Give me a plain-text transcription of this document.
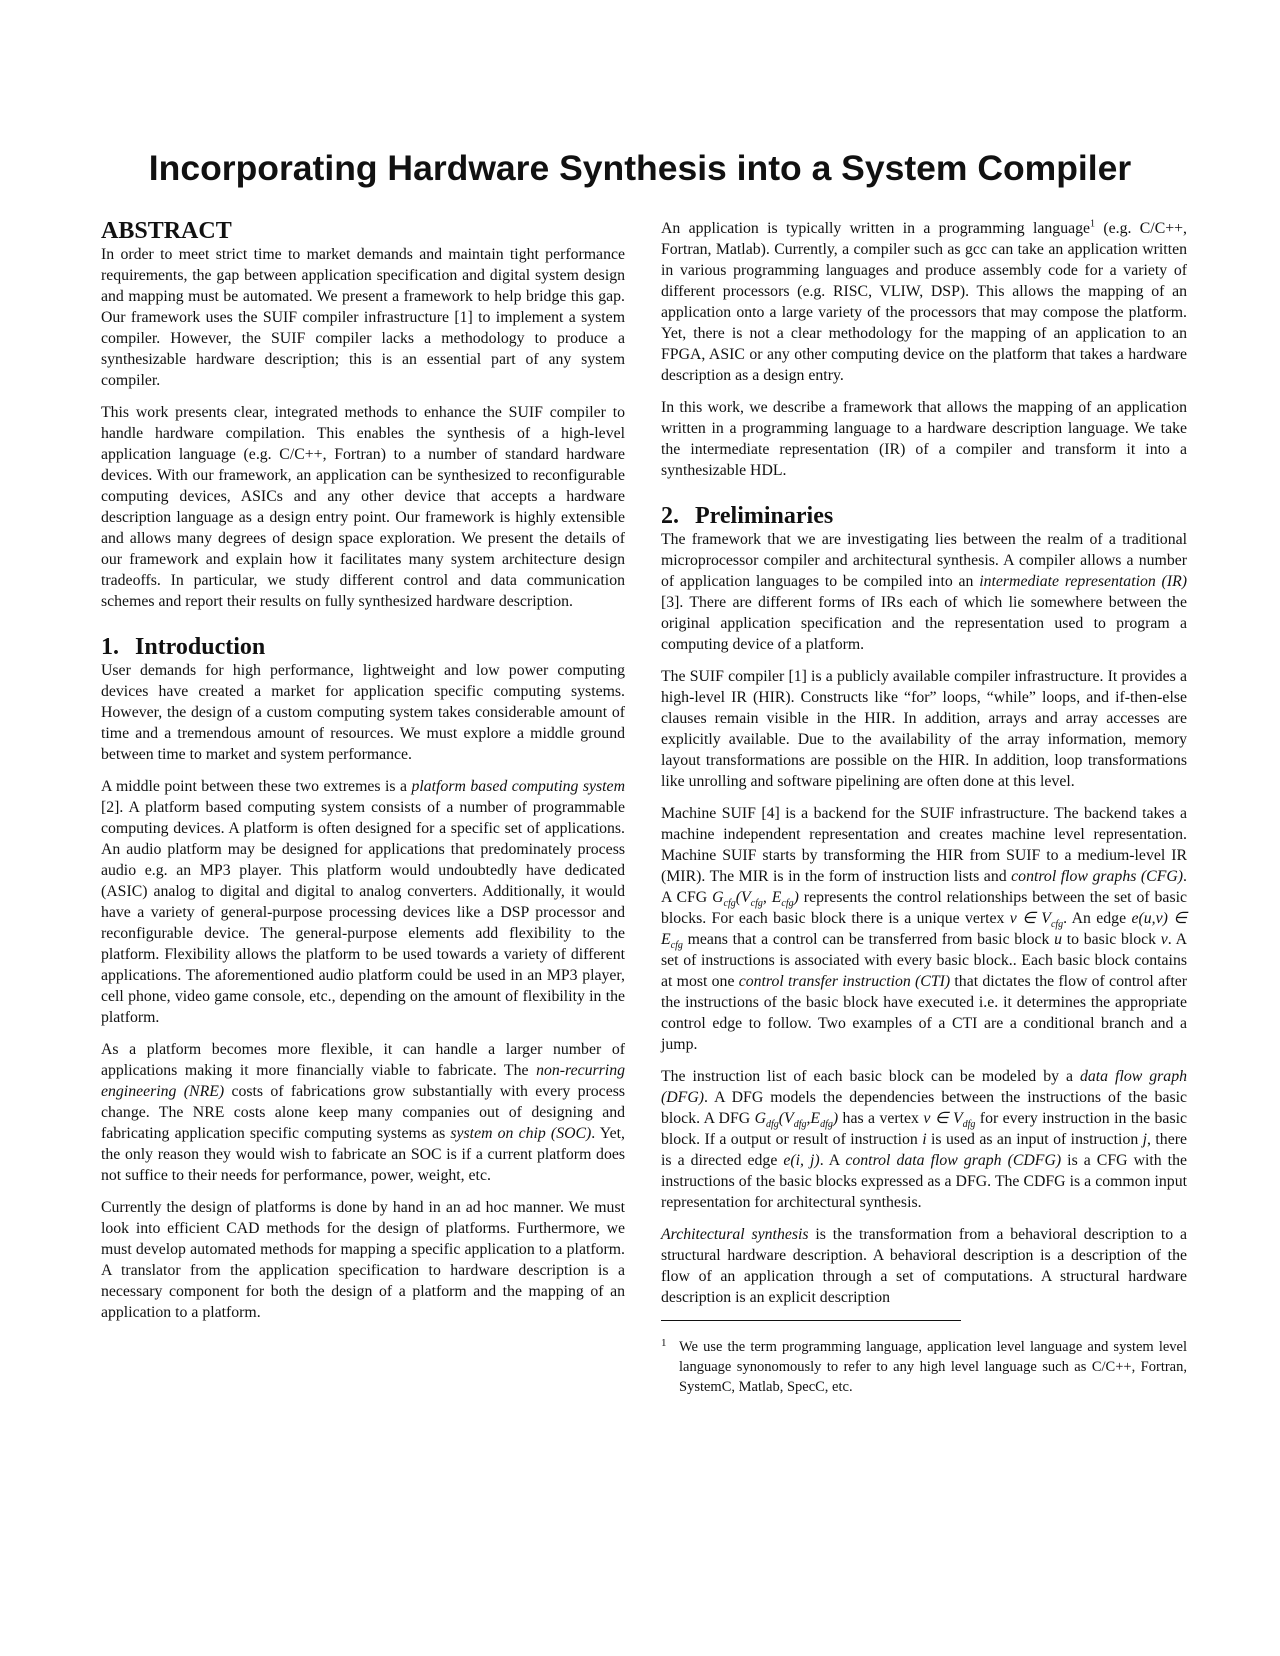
Incorporating Hardware Synthesis into a System Compiler
ABSTRACT

In order to meet strict time to market demands and maintain tight performance requirements, the gap between application specification and digital system design and mapping must be automated. We present a framework to help bridge this gap. Our framework uses the SUIF compiler infrastructure [1] to implement a system compiler. However, the SUIF compiler lacks a methodology to produce a synthesizable hardware description; this is an essential part of any system compiler.

This work presents clear, integrated methods to enhance the SUIF compiler to handle hardware compilation. This enables the synthesis of a high-level application language (e.g. C/C++, Fortran) to a number of standard hardware devices. With our framework, an application can be synthesized to reconfigurable computing devices, ASICs and any other device that accepts a hardware description language as a design entry point. Our framework is highly extensible and allows many degrees of design space exploration. We present the details of our framework and explain how it facilitates many system architecture design tradeoffs. In particular, we study different control and data communication schemes and report their results on fully synthesized hardware description.

1. Introduction

User demands for high performance, lightweight and low power computing devices have created a market for application specific computing systems. However, the design of a custom computing system takes considerable amount of time and a tremendous amount of resources. We must explore a middle ground between time to market and system performance.

A middle point between these two extremes is a platform based computing system [2]. A platform based computing system consists of a number of programmable computing devices. A platform is often designed for a specific set of applications. An audio platform may be designed for applications that predominately process audio e.g. an MP3 player. This platform would undoubtedly have dedicated (ASIC) analog to digital and digital to analog converters. Additionally, it would have a variety of general-purpose processing devices like a DSP processor and reconfigurable device. The general-purpose elements add flexibility to the platform. Flexibility allows the platform to be used towards a variety of different applications. The aforementioned audio platform could be used in an MP3 player, cell phone, video game console, etc., depending on the amount of flexibility in the platform.

As a platform becomes more flexible, it can handle a larger number of applications making it more financially viable to fabricate. The non-recurring engineering (NRE) costs of fabrications grow substantially with every process change. The NRE costs alone keep many companies out of designing and fabricating application specific computing systems as system on chip (SOC). Yet, the only reason they would wish to fabricate an SOC is if a current platform does not suffice to their needs for performance, power, weight, etc.

Currently the design of platforms is done by hand in an ad hoc manner. We must look into efficient CAD methods for the design of platforms. Furthermore, we must develop automated methods for mapping a specific application to a platform. A translator from the application specification to hardware description is a necessary component for both the design of a platform and the mapping of an application to a platform.

An application is typically written in a programming language$^1$ (e.g. C/C++, Fortran, Matlab). Currently, a compiler such as gcc can take an application written in various programming languages and produce assembly code for a variety of different processors (e.g. RISC, VLIW, DSP). This allows the mapping of an application onto a large variety of the processors that may compose the platform. Yet, there is not a clear methodology for the mapping of an application to an FPGA, ASIC or any other computing device on the platform that takes a hardware description as a design entry.

In this work, we describe a framework that allows the mapping of an application written in a programming language to a hardware description language. We take the intermediate representation (IR) of a compiler and transform it into a synthesizable HDL.

2. Preliminaries

The framework that we are investigating lies between the realm of a traditional microprocessor compiler and architectural synthesis. A compiler allows a number of application languages to be compiled into an intermediate representation (IR) [3]. There are different forms of IRs each of which lie somewhere between the original application specification and the representation used to program a computing device of a platform.

The SUIF compiler [1] is a publicly available compiler infrastructure. It provides a high-level IR (HIR). Constructs like “for” loops, “while” loops, and if-then-else clauses remain visible in the HIR. In addition, arrays and array accesses are explicitly available. Due to the availability of the array information, memory layout transformations are possible on the HIR. In addition, loop transformations like unrolling and software pipelining are often done at this level.

Machine SUIF [4] is a backend for the SUIF infrastructure. The backend takes a machine independent representation and creates machine level representation. Machine SUIF starts by transforming the HIR from SUIF to a medium-level IR (MIR). The MIR is in the form of instruction lists and control flow graphs (CFG). A CFG $G_{cfg}(V_{cfg}$, $E_{cfg}$) represents the control relationships between the set of basic blocks. For each basic block there is a unique vertex v ∈ $V_{cfg}$. An edge e(u,v) ∈ $E_{cfg}$ means that a control can be transferred from basic block u to basic block v. A set of instructions is associated with every basic block.. Each basic block contains at most one control transfer instruction (CTI) that dictates the flow of control after the instructions of the basic block have executed i.e. it determines the appropriate control edge to follow. Two examples of a CTI are a conditional branch and a jump.

The instruction list of each basic block can be modeled by a data flow graph (DFG). A DFG models the dependencies between the instructions of the basic block. A DFG $G_{dfg}(V_{dfg},E_{dfg})$ has a vertex v ∈ $V_{dfg}$ for every instruction in the basic block. If a output or result of instruction i is used as an input of instruction j, there is a directed edge e(i, j). A control data flow graph (CDFG) is a CFG with the instructions of the basic blocks expressed as a DFG. The CDFG is a common input representation for architectural synthesis.

Architectural synthesis is the transformation from a behavioral description to a structural hardware description. A behavioral description is a description of the flow of an application through a set of computations. A structural hardware description is an explicit description

1 We use the term programming language, application level language and system level language synonomously to refer to any high level language such as C/C++, Fortran, SystemC, Matlab, SpecC, etc.
